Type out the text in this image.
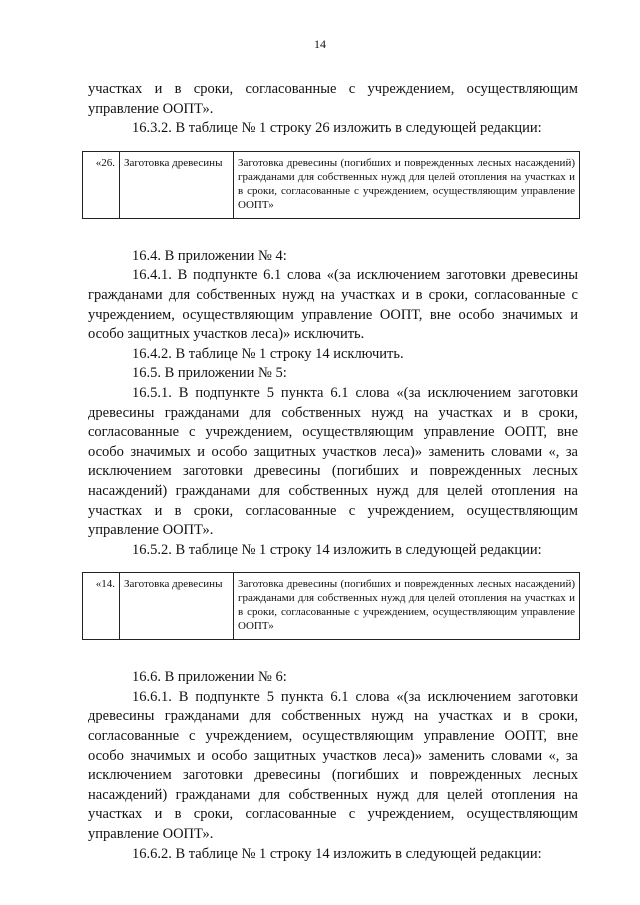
14

участках и в сроки, согласованные с учреждением, осуществляющим управление ООПТ».

16.3.2. В таблице № 1 строку 26 изложить в следующей редакции:

«26.	Заготовка древесины	Заготовка древесины (погибших и поврежденных лесных насаждений) гражданами для собственных нужд для целей отопления на участках и в сроки, согласованные с учреждением, осуществляющим управление ООПТ»

16.4. В приложении № 4:

16.4.1. В подпункте 6.1 слова «(за исключением заготовки древесины гражданами для собственных нужд на участках и в сроки, согласованные с учреждением, осуществляющим управление ООПТ, вне особо значимых и особо защитных участков леса)» исключить.

16.4.2. В таблице № 1 строку 14 исключить.

16.5. В приложении № 5:

16.5.1. В подпункте 5 пункта 6.1 слова «(за исключением заготовки древесины гражданами для собственных нужд на участках и в сроки, согласованные с учреждением, осуществляющим управление ООПТ, вне особо значимых и особо защитных участков леса)» заменить словами «, за исключением заготовки древесины (погибших и поврежденных лесных насаждений) гражданами для собственных нужд для целей отопления на участках и в сроки, согласованные с учреждением, осуществляющим управление ООПТ».

16.5.2. В таблице № 1 строку 14 изложить в следующей редакции:

«14.	Заготовка древесины	Заготовка древесины (погибших и поврежденных лесных насаждений) гражданами для собственных нужд для целей отопления на участках и в сроки, согласованные с учреждением, осуществляющим управление ООПТ»

16.6. В приложении № 6:

16.6.1. В подпункте 5 пункта 6.1 слова «(за исключением заготовки древесины гражданами для собственных нужд на участках и в сроки, согласованные с учреждением, осуществляющим управление ООПТ, вне особо значимых и особо защитных участков леса)» заменить словами «, за исключением заготовки древесины (погибших и поврежденных лесных насаждений) гражданами для собственных нужд для целей отопления на участках и в сроки, согласованные с учреждением, осуществляющим управление ООПТ».

16.6.2. В таблице № 1 строку 14 изложить в следующей редакции:
